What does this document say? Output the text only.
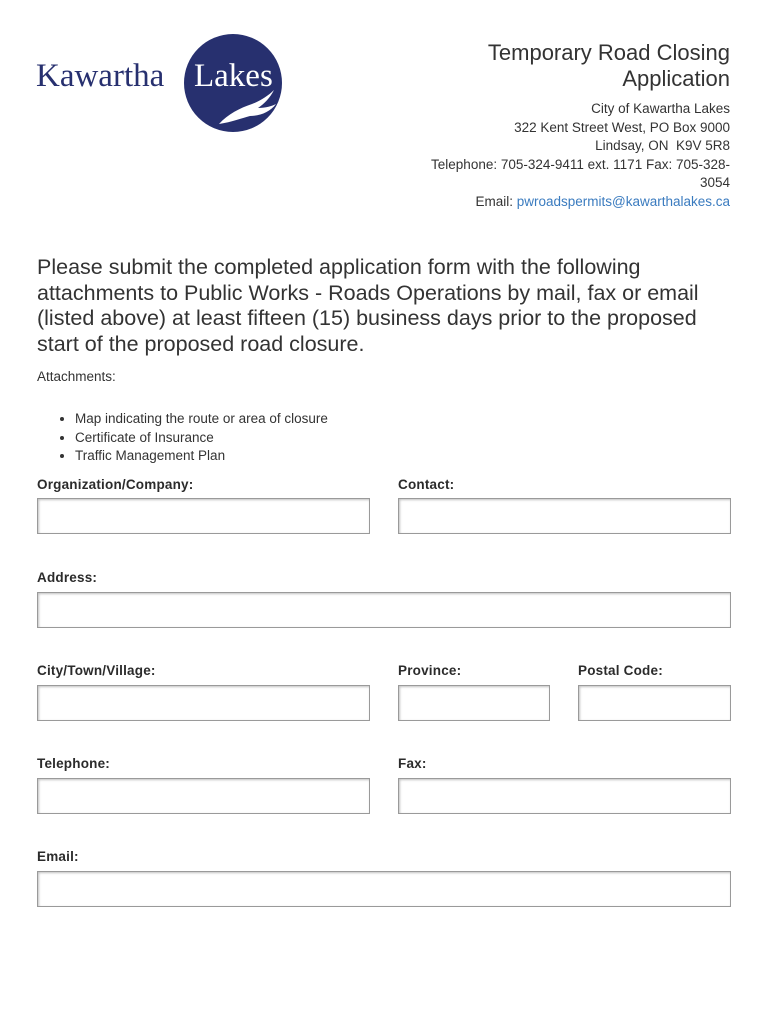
Kawartha Lakes
Temporary Road Closing
Application
City of Kawartha Lakes
322 Kent Street West, PO Box 9000
Lindsay, ON  K9V 5R8
Telephone: 705-324-9411 ext. 1171 Fax: 705-328-
3054
Email: pwroadspermits@kawarthalakes.ca

Please submit the completed application form with the following attachments to Public Works - Roads Operations by mail, fax or email (listed above) at least fifteen (15) business days prior to the proposed start of the proposed road closure.

Attachments:
• Map indicating the route or area of closure
• Certificate of Insurance
• Traffic Management Plan
Organization/Company:	Contact:
Address:
City/Town/Village:	Province:	Postal Code:
Telephone:	Fax:
Email:
